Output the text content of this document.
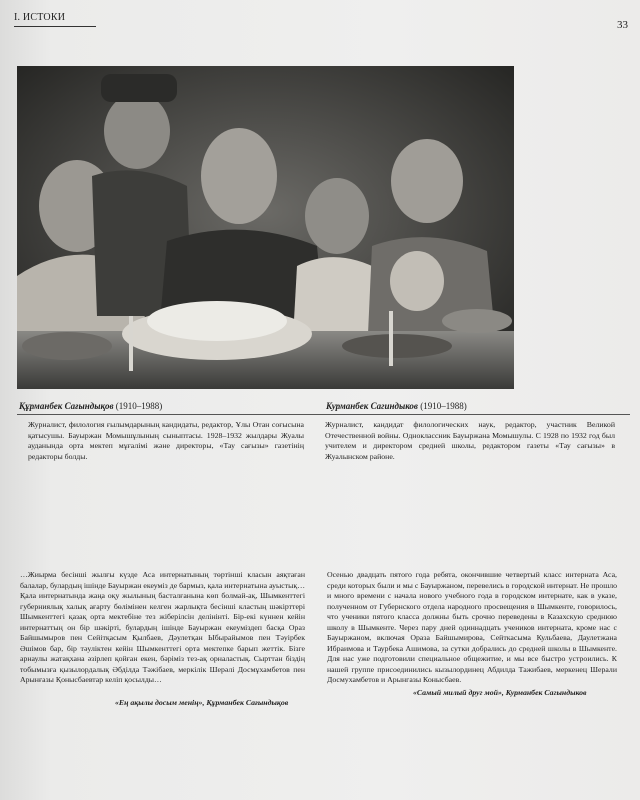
I. ИСТОКИ
33
Құрманбек Сағындықов (1910–1988)	Курманбек Сагиндыков (1910–1988)
Журналист, филология ғылымдарының кандидаты, редактор, Ұлы Отан соғысына қатысушы. Бауыржан Момышұлының сыныптасы. 1928–1932 жылдары Жуалы ауданында орта мектеп мұғалімі және директоры, «Тау сағызы» газетінің редакторы болды.
Журналист, кандидат филологических наук, редактор, участник Великой Отечественной войны. Одноклассник Бауыржана Момышулы. С 1928 по 1932 год был учителем и директором средней школы, редактором газеты «Тау сағызы» в Жуалынском районе.
…Жиырма бесінші жылғы күзде Аса интернатының төртінші класын аяқтаған балалар, булардың ішінде Бауыржан екеуміз де бармыз, қала интернатына ауыстық… Қала интернатында жаңа оқу жылының басталғанына көп болмай-ақ, Шымкенттегі губерниялық халық ағарту бөлімінен келген жарлықта бесінші кластың шәкірттері Шымкенттегі қазақ орта мектебіне тез жіберілсін делінінті. Бір-екі күннен кейін интернаттың он бір шәкірті, булардың ішінде Бауыржан екеуміздеп басқа Ораз Байшымыров пен Сейітқасым Қылбаев, Дәулетқан Ыбырайымов пен Тәуірбек Әшімов бар, бір тәуліктен кейін Шымкенттегі орта мектепке барып жеттік. Бізге арнаулы жатақхана әзірлеп қойған екен, бәріміз тез-ақ орналастық. Сырттан біздің тобымызға қызылордалық Әбділда Тәжібаев, меркілік Шерәлі Досмұхамбетов пен Арынғазы Қонысбаевтар келіп қосылды…
Осенью двадцать пятого года ребята, окончившие четвертый класс интерната Аса, среди которых были и мы с Бауыржаном, перевелись в городской интернат. Не прошло и много времени с начала нового учебного года в городском интернате, как в указе, полученном от Губернского отдела народного просвещения в Шымкенте, говорилось, что ученики пятого класса должны быть срочно переведены в Казахскую среднюю школу в Шымкенте. Через пару дней одиннадцать учеников интерната, кроме нас с Бауыржаном, включая Ораза Байшымирова, Сейткасыма Кульбаева, Даулетжана Ибраимова и Таурбека Ашимова, за сутки добрались до средней школы в Шымкенте. Для нас уже подготовили специальное общежитие, и мы все быстро устроились. К нашей группе присоединились кызылординец Абдилда Тажибаев, меркенец Шерали Досмухамбетов и Арынгазы Конысбаев.
«Ең ақылы досым менің», Құрманбек Сағындықов
«Самый милый друг мой», Курманбек Сагындыков
